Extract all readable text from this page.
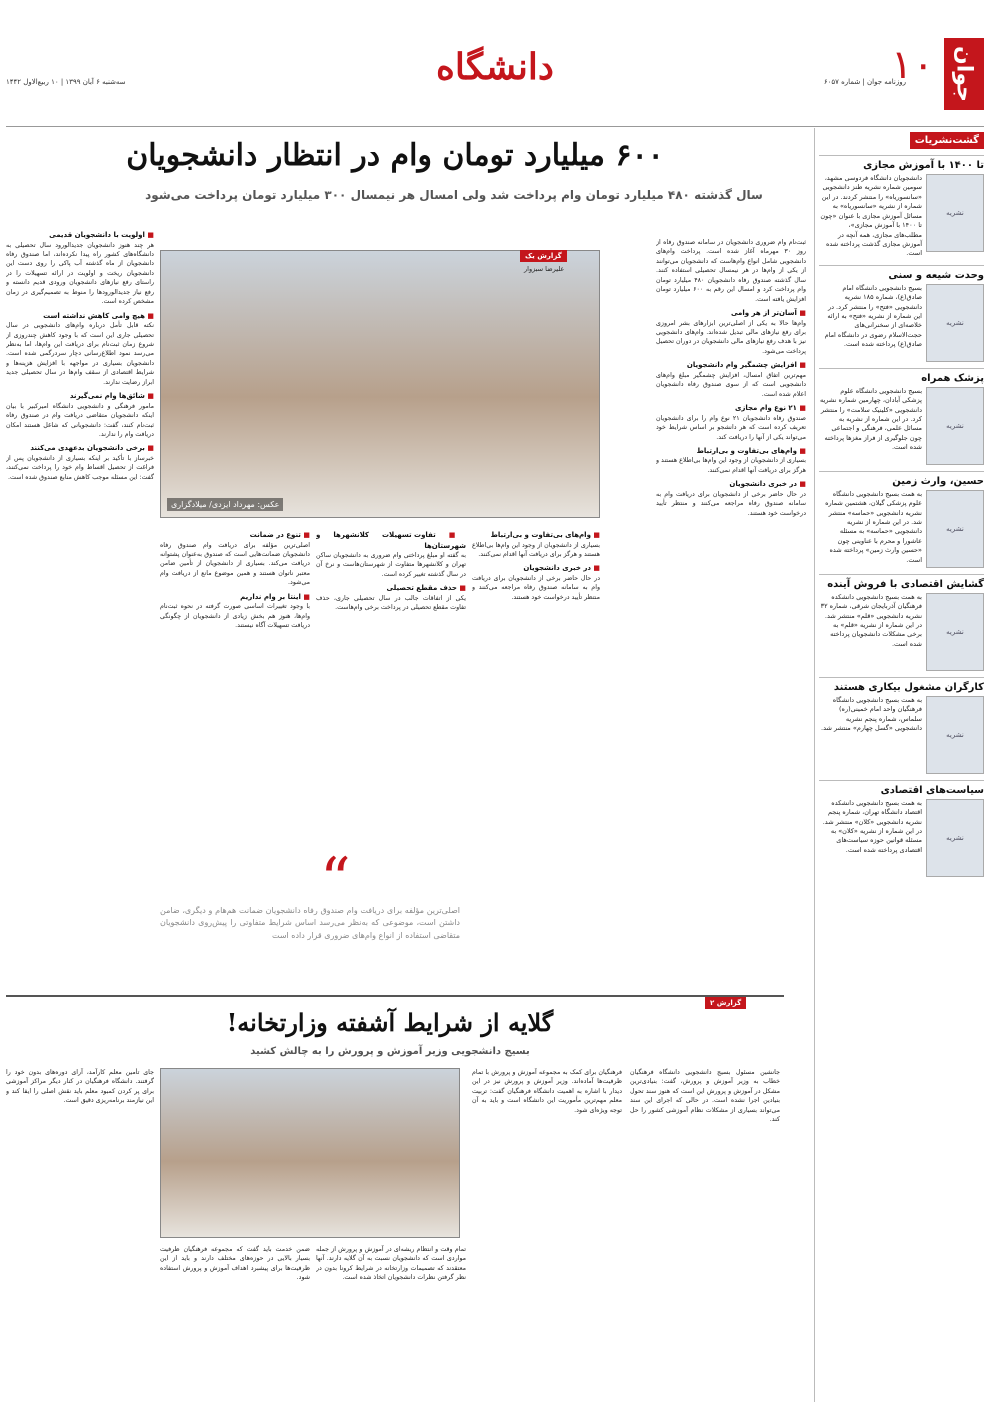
جوان
۱۰
دانشگاه	روزنامه جوان | شماره ۶۰۵۷
سه‌شنبه ۶ آبان ۱۳۹۹ | ۱۰ ربیع‌الاول ۱۴۴۲
گشت‌نشریات
تا ۱۴۰۰ با آموزش مجازی
نشریه
دانشجویان دانشگاه فردوسی مشهد، سومین شماره نشریه طنز دانشجویی «سانسوریاه» را منتشر کردند. در این شماره از نشریه «سانسوریاه» به مسائل آموزش مجازی با عنوان «چون تا ۱۴۰۰ با آموزش مجازی»، مطلب‌های مجازی، همه آنچه در آموزش مجازی گذشت پرداخته شده است.
وحدت شیعه و سنی
نشریه
بسیج دانشجویی دانشگاه امام صادق(ع)، شماره ۱۸۵ نشریه دانشجویی «فتح» را منتشر کرد. در این شماره از نشریه «فتح» به ارائه خلاصه‌ای از سخنرانی‌های حجت‌الاسلام رضوی در دانشگاه امام صادق(ع) پرداخته شده است.
پزشک همراه
نشریه
بسیج دانشجویی دانشگاه علوم پزشکی آبادان، چهارمین شماره نشریه دانشجویی «کلینیک سلامت» را منتشر کرد. در این شماره از نشریه به مسائل علمی، فرهنگی و اجتماعی چون جلوگیری از فراز مغزها پرداخته شده است.
حسین، وارث زمین
نشریه
به همت بسیج دانشجویی دانشگاه علوم پزشکی گیلان، هشتمین شماره نشریه دانشجویی «حماسه» منتشر شد. در این شماره از نشریه دانشجویی «حماسه» به مسئله عاشورا و محرم با عناوینی چون «حسین وارث زمین» پرداخته شده است.
گشایش اقتصادی با فروش آینده
نشریه
به همت بسیج دانشجویی دانشکده فرهنگیان آذربایجان شرقی، شماره ۳۲ نشریه دانشجویی «قلم» منتشر شد. در این شماره از نشریه «قلم» به برخی مشکلات دانشجویان پرداخته شده است.
کارگران مشغول بیکاری هستند
نشریه
به همت بسیج دانشجویی دانشگاه فرهنگیان واحد امام خمینی(ره) سلماس، شماره پنجم نشریه دانشجویی «گسل چهارم» منتشر شد.
سیاست‌های اقتصادی
نشریه
به همت بسیج دانشجویی دانشکده اقتصاد دانشگاه تهران، شماره پنجم نشریه دانشجویی «کلان» منتشر شد. در این شماره از نشریه «کلان» به مسئله قوانین حوزه سیاست‌های اقتصادی پرداخته شده است.
۶۰۰ میلیارد تومان وام در انتظار دانشجویان
سال گذشته ۴۸۰ میلیارد تومان وام پرداخت شد ولی امسال هر نیمسال ۳۰۰ میلیارد تومان پرداخت می‌شود

ثبت‌نام وام ضروری دانشجویان در سامانه صندوق رفاه از روز ۳۰ مهرماه آغاز شده است. پرداخت وام‌های دانشجویی شامل انواع وام‌هاست که دانشجویان می‌توانند از یکی از وام‌ها در هر نیمسال تحصیلی استفاده کنند. سال گذشته صندوق رفاه دانشجویان ۴۸۰ میلیارد تومان وام پرداخت کرد و امسال این رقم به ۶۰۰ میلیارد تومان افزایش یافته است.

■ آسان‌تر از هر وامی

وام‌ها حالا به یکی از اصلی‌ترین ابزارهای بشر امروزی برای رفع نیازهای مالی تبدیل شده‌اند. وام‌های دانشجویی نیز با هدف رفع نیازهای مالی دانشجویان در دوران تحصیل پرداخت می‌شود.

■ افزایش چشمگیر وام دانشجویان

مهم‌ترین اتفاق امسال، افزایش چشمگیر مبلغ وام‌های دانشجویی است که از سوی صندوق رفاه دانشجویان اعلام شده است.

■ ۲۱ نوع وام مجازی

صندوق رفاه دانشجویان ۲۱ نوع وام را برای دانشجویان تعریف کرده است که هر دانشجو بر اساس شرایط خود می‌تواند یکی از آنها را دریافت کند.

■ وام‌های بی‌تفاوت و بی‌ارتباط

بسیاری از دانشجویان از وجود این وام‌ها بی‌اطلاع هستند و هرگز برای دریافت آنها اقدام نمی‌کنند.

■ در خبری دانشجویان

در حال حاضر برخی از دانشجویان برای دریافت وام به سامانه صندوق رفاه مراجعه می‌کنند و منتظر تأیید درخواست خود هستند.

عکس: مهرداد ایزدی/ میلادگزاری
گزارش یک
علیرضا سبزوار
■ تفاوت تسهیلات کلانشهرها و شهرستان‌ها

به گفته او مبلغ پرداختی وام ضروری به دانشجویان ساکن تهران و کلانشهرها متفاوت از شهرستان‌هاست و نرخ آن در سال گذشته تغییر کرده است.

■ حذف مقطع تحصیلی

یکی از اتفاقات جالب در سال تحصیلی جاری، حذف تفاوت مقطع تحصیلی در پرداخت برخی وام‌هاست.

■ تنوع در ضمانت

اصلی‌ترین مؤلفه برای دریافت وام صندوق رفاه دانشجویان ضمانت‌هایی است که صندوق به‌عنوان پشتوانه دریافت می‌کند. بسیاری از دانشجویان از تأمین ضامن معتبر ناتوان هستند و همین موضوع مانع از دریافت وام می‌شود.

■ اینتا بر وام نداریم

با وجود تغییرات اساسی صورت گرفته در نحوه ثبت‌نام وام‌ها، هنوز هم بخش زیادی از دانشجویان از چگونگی دریافت تسهیلات آگاه نیستند.

■ وام‌های بی‌تفاوت و بی‌ارتباط

بسیاری از دانشجویان از وجود این وام‌ها بی‌اطلاع هستند و هرگز برای دریافت آنها اقدام نمی‌کنند.

■ در خبری دانشجویان

در حال حاضر برخی از دانشجویان برای دریافت وام به سامانه صندوق رفاه مراجعه می‌کنند و منتظر تأیید درخواست خود هستند.

“
اصلی‌ترین مؤلفه برای دریافت وام صندوق رفاه دانشجویان ضمانت هم‌هام و دیگری، ضامن داشتن است، موضوعی که به‌نظر می‌رسد اساس شرایط متفاوتی را پیش‌روی دانشجویان متقاضی استفاده از انواع وام‌های ضروری قرار داده است
■ اولویت با دانشجویان قدیمی

هر چند هنوز دانشجویان جدیدالورود سال تحصیلی به دانشگاه‌های کشور راه پیدا نکرده‌اند، اما صندوق رفاه دانشجویان از ماه گذشته آب پاکی را روی دست این دانشجویان ریخت و اولویت در ارائه تسهیلات را در راستای رفع نیازهای دانشجویان ورودی قدیم دانسته و رفع نیاز جدیدالورودها را منوط به تصمیم‌گیری در زمان مشخص کرده است.

■ هیچ وامی کاهش نداشته است

نکته قابل تأمل درباره وام‌های دانشجویی در سال تحصیلی جاری این است که با وجود کاهش چندروزی از شروع زمان ثبت‌نام برای دریافت این وام‌ها، اما به‌نظر می‌رسد نمود اطلاع‌رسانی دچار سردرگمی شده است. دانشجویان بسیاری در مواجهه با افزایش هزینه‌ها و شرایط اقتصادی از سقف وام‌ها در سال تحصیلی جدید ابراز رضایت ندارند.

■ شائق‌ها وام نمی‌گیرند

مامور فرهنگی و دانشجویی دانشگاه امیرکبیر با بیان اینکه دانشجویان متقاضی دریافت وام در صندوق رفاه ثبت‌نام کنند، گفت: دانشجویانی که شاغل هستند امکان دریافت وام را ندارند.

■ برخی دانشجویان بدعهدی می‌کنند

خبرساز با تأکید بر اینکه بسیاری از دانشجویان پس از فراغت از تحصیل اقساط وام خود را پرداخت نمی‌کنند، گفت: این مسئله موجب کاهش منابع صندوق شده است.

گزارش ۲
گلایه از شرایط آشفته وزارتخانه!
بسیج دانشجویی وزیر آموزش و پرورش را به چالش کشید

جانشین مسئول بسیج دانشجویی دانشگاه فرهنگیان خطاب به وزیر آموزش و پرورش، گفت: بنیادی‌ترین مشکل در آموزش و پرورش این است که هنوز سند تحول بنیادین اجرا نشده است. در حالی که اجرای این سند می‌تواند بسیاری از مشکلات نظام آموزشی کشور را حل کند.

فرهنگیان برای کمک به مجموعه آموزش و پرورش با تمام ظرفیت‌ها آماده‌اند. وزیر آموزش و پرورش نیز در این دیدار با اشاره به اهمیت دانشگاه فرهنگیان گفت: تربیت معلم مهم‌ترین مأموریت این دانشگاه است و باید به آن توجه ویژه‌ای شود.

تمام وقت و انتظام ریشه‌ای در آموزش و پرورش از جمله مواردی است که دانشجویان نسبت به آن گلایه دارند. آنها معتقدند که تصمیمات وزارتخانه در شرایط کرونا بدون در نظر گرفتن نظرات دانشجویان اتخاذ شده است.

ضمن خدمت باید گفت که مجموعه فرهنگیان ظرفیت بسیار بالایی در حوزه‌های مختلف دارند و باید از این ظرفیت‌ها برای پیشبرد اهداف آموزش و پرورش استفاده شود.

جای تأمین معلم کارآمد، آرای دوره‌های بدون خود را گرفتند. دانشگاه فرهنگیان در کنار دیگر مراکز آموزشی برای پر کردن کمبود معلم باید نقش اصلی را ایفا کند و این نیازمند برنامه‌ریزی دقیق است.
